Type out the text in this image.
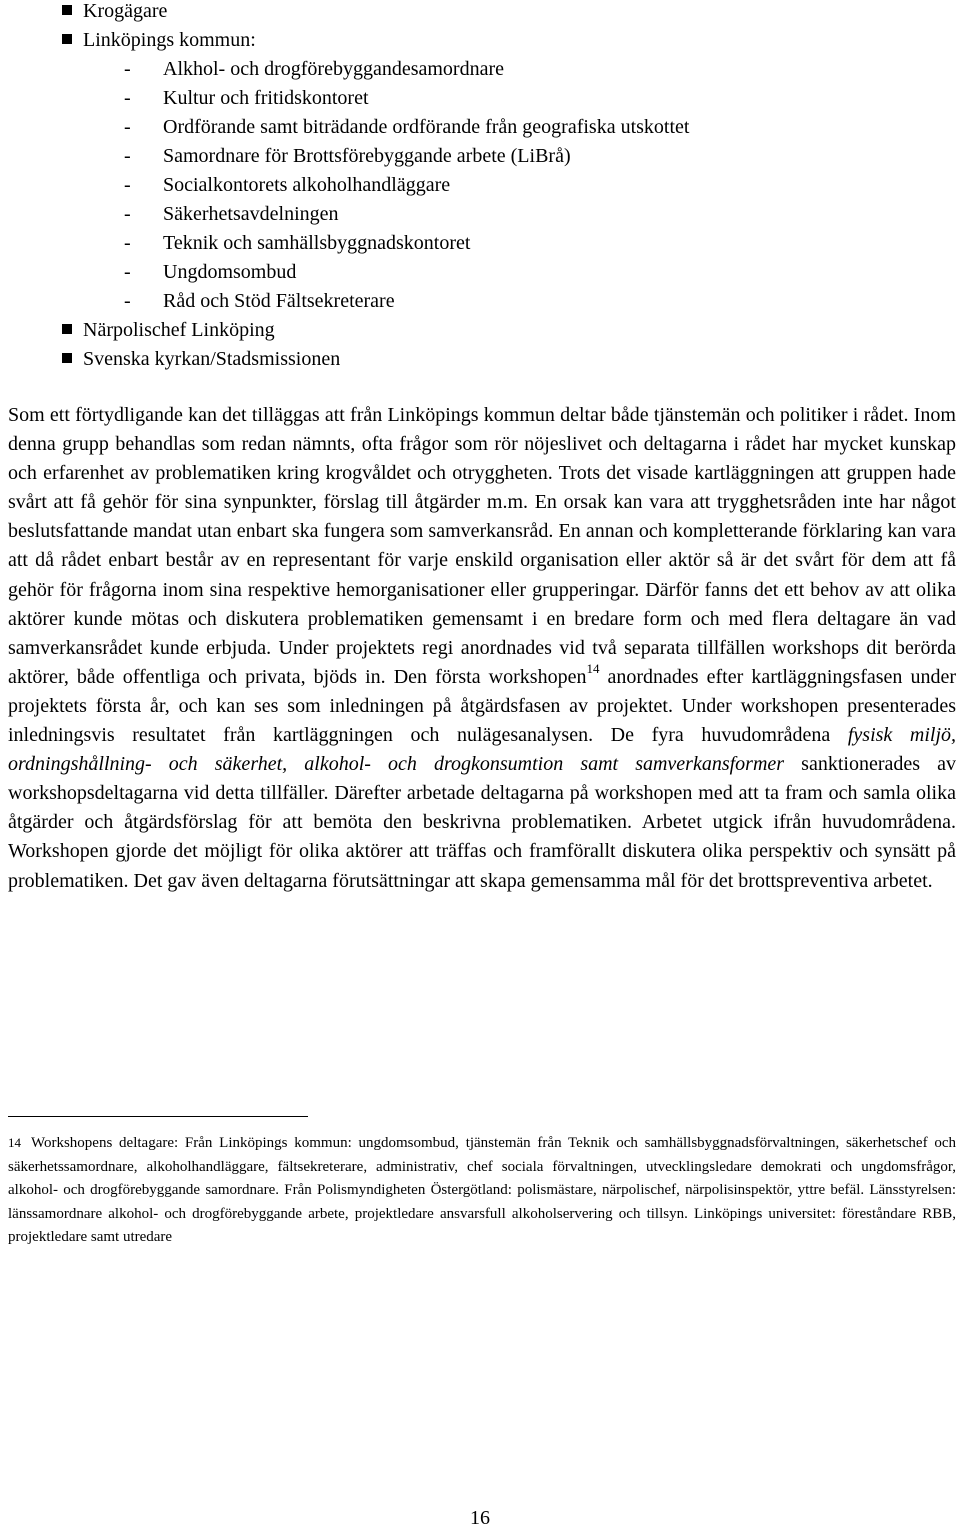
Krogägare
Linköpings kommun:
- Alkhol- och drogförebyggandesamordnare
- Kultur och fritidskontoret
- Ordförande samt biträdande ordförande från geografiska utskottet
- Samordnare för Brottsförebyggande arbete (LiBrå)
- Socialkontorets alkoholhandläggare
- Säkerhetsavdelningen
- Teknik och samhällsbyggnadskontoret
- Ungdomsombud
- Råd och Stöd Fältsekreterare
Närpolischef Linköping
Svenska kyrkan/Stadsmissionen

Som ett förtydligande kan det tilläggas att från Linköpings kommun deltar både tjänstemän och politiker i rådet. Inom denna grupp behandlas som redan nämnts, ofta frågor som rör nöjeslivet och deltagarna i rådet har mycket kunskap och erfarenhet av problematiken kring krogvåldet och otryggheten. Trots det visade kartläggningen att gruppen hade svårt att få gehör för sina synpunkter, förslag till åtgärder m.m. En orsak kan vara att trygghetsråden inte har något beslutsfattande mandat utan enbart ska fungera som samverkansråd. En annan och kompletterande förklaring kan vara att då rådet enbart består av en representant för varje enskild organisation eller aktör så är det svårt för dem att få gehör för frågorna inom sina respektive hemorganisationer eller grupperingar. Därför fanns det ett behov av att olika aktörer kunde mötas och diskutera problematiken gemensamt i en bredare form och med flera deltagare än vad samverkansrådet kunde erbjuda. Under projektets regi anordnades vid två separata tillfällen workshops dit berörda aktörer, både offentliga och privata, bjöds in. Den första workshopen$^{14}$ anordnades efter kartläggningsfasen under projektets första år, och kan ses som inledningen på åtgärdsfasen av projektet. Under workshopen presenterades inledningsvis resultatet från kartläggningen och nulägesanalysen. De fyra huvudområdena fysisk miljö, ordningshållning- och säkerhet, alkohol- och drogkonsumtion samt samverkansformer sanktionerades av workshopsdeltagarna vid detta tillfäller. Därefter arbetade deltagarna på workshopen med att ta fram och samla olika åtgärder och åtgärdsförslag för att bemöta den beskrivna problematiken. Arbetet utgick ifrån huvudområdena. Workshopen gjorde det möjligt för olika aktörer att träffas och framförallt diskutera olika perspektiv och synsätt på problematiken. Det gav även deltagarna förutsättningar att skapa gemensamma mål för det brottspreventiva arbetet.

14 Workshopens deltagare: Från Linköpings kommun: ungdomsombud, tjänstemän från Teknik och samhällsbyggnadsförvaltningen, säkerhetschef och säkerhetssamordnare, alkoholhandläggare, fältsekreterare, administrativ, chef sociala förvaltningen, utvecklingsledare demokrati och ungdomsfrågor, alkohol- och drogförebyggande samordnare. Från Polismyndigheten Östergötland: polismästare, närpolischef, närpolisinspektör, yttre befäl. Länsstyrelsen: länssamordnare alkohol- och drogförebyggande arbete, projektledare ansvarsfull alkoholservering och tillsyn. Linköpings universitet: föreståndare RBB, projektledare samt utredare

16
